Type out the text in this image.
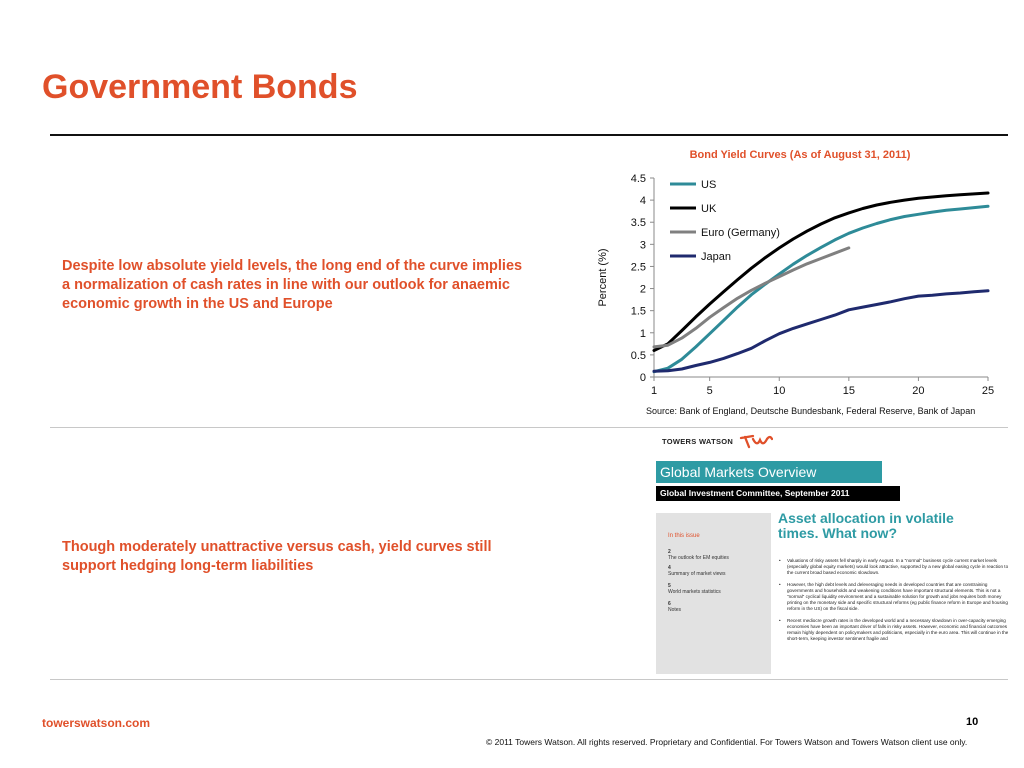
Government Bonds
Despite low absolute yield levels, the long end of the curve implies a normalization of cash rates in line with our outlook for anaemic economic growth in the US and Europe
Though moderately unattractive versus cash, yield curves still support hedging long-term liabilities
Bond Yield Curves (As of August 31, 2011)
0
0.5
1
1.5
2
2.5
3
3.5
4
4.5
1	5	10	15	20	25
Percent (%)
US
UK
Euro (Germany)
Japan
Source: Bank of England, Deutsche Bundesbank, Federal Reserve, Bank of Japan
TOWERS WATSON
Global Markets Overview
Global Investment Committee, September 2011
In this issue
2
The outlook for EM equities
4
Summary of market views
5
World markets statistics
6
Notes
Asset allocation in volatile times. What now?

• Valuations of risky assets fell sharply in early August. In a "normal" business cycle current market levels (especially global equity markets) would look attractive, supported by a new global easing cycle in reaction to the current broad based economic slowdown.

• However, the high debt levels and deleveraging needs in developed countries that are constraining governments and households and weakening conditions have important structural elements. This is not a "normal" cyclical liquidity environment and a sustainable solution for growth and jobs requires both money printing on the monetary side and specific structural reforms (eg public finance reform in Europe and housing reform in the US) on the fiscal side.

• Recent mediocre growth rates in the developed world and a necessary slowdown in over-capacity emerging economies have been an important driver of falls in risky assets. However, economic and financial outcomes remain highly dependent on policymakers and politicians, especially in the euro area. This will continue in the short-term, keeping investor sentiment fragile and

towerswatson.com	10
© 2011 Towers Watson. All rights reserved. Proprietary and Confidential. For Towers Watson and Towers Watson client use only.
